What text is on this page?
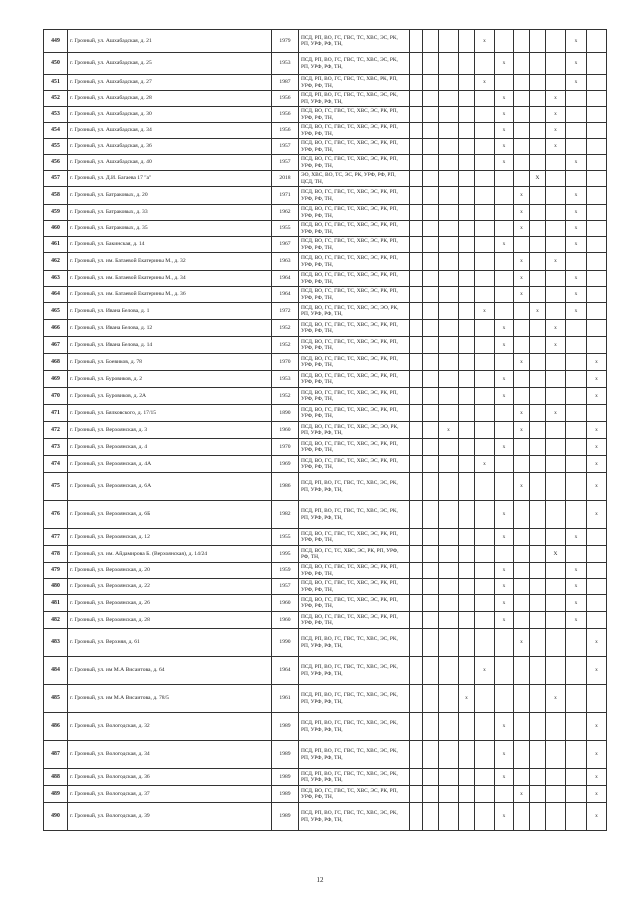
449	г. Грозный, ул. Ашхабадская, д. 21	1979	ПСД, РП, ВО, ГС, ГВС, ТС, ХВС, ЭС, РК, РП, УРФ, РФ, ТН,					x					x	
450	г. Грозный, ул. Ашхабадская, д. 25	1953	ПСД, РП, ВО, ГС, ГВС, ТС, ХВС, ЭС, РК, РП, УРФ, РФ, ТН,						x				x	
451	г. Грозный, ул. Ашхабадская, д. 27	1987	ПСД, РП, ВО, ГС, ГВС, ТС, ХВС, РК, РП, УРФ, РФ, ТН,					x					x	
452	г. Грозный, ул. Ашхабадская, д. 28	1956	ПСД, РП, ВО, ГС, ГВС, ТС, ХВС, ЭС, РК, РП, УРФ, РФ, ТН,						x			x		
453	г. Грозный, ул. Ашхабадская, д. 30	1956	ПСД, ВО, ГС, ГВС, ТС, ХВС, ЭС, РК, РП, УРФ, РФ, ТН,						x			x		
454	г. Грозный, ул. Ашхабадская, д. 34	1956	ПСД, ВО, ГС, ГВС, ТС, ХВС, ЭС, РК, РП, УРФ, РФ, ТН,						x			x		
455	г. Грозный, ул. Ашхабадская, д. 36	1957	ПСД, ВО, ГС, ГВС, ТС, ХВС, ЭС, РК, РП, УРФ, РФ, ТН,						x			x		
456	г. Грозный, ул. Ашхабадская, д. 40	1957	ПСД, ВО, ГС, ГВС, ТС, ХВС, ЭС, РК, РП, УРФ, РФ, ТН,						x				x	
457	г. Грозный, ул. Д.И. Багаева 17 "а"	2018	ЭО, ХВС, ВО, ТС, ЭС, РК, УРФ, РФ, РП, ЦСД, ТН,								X			
458	г. Грозный, ул. Батраковых, д. 20	1971	ПСД, ВО, ГС, ГВС, ТС, ХВС, ЭС, РК, РП, УРФ, РФ, ТН,							x			x	
459	г. Грозный, ул. Батраковых, д. 33	1962	ПСД, ВО, ГС, ГВС, ТС, ХВС, ЭС, РК, РП, УРФ, РФ, ТН,							x			x	
460	г. Грозный, ул. Батраковых, д. 35	1955	ПСД, ВО, ГС, ГВС, ТС, ХВС, ЭС, РК, РП, УРФ, РФ, ТН,							x			x	
461	г. Грозный, ул. Бакинская, д. 14	1967	ПСД, ВО, ГС, ГВС, ТС, ХВС, ЭС, РК, РП, УРФ, РФ, ТН,						x				x	
462	г. Грозный, ул. им. Батаевой Екатерины М., д. 32	1963	ПСД, ВО, ГС, ГВС, ТС, ХВС, ЭС, РК, РП, УРФ, РФ, ТН,							x		x		
463	г. Грозный, ул. им. Батаевой Екатерины М., д. 34	1964	ПСД, ВО, ГС, ГВС, ТС, ХВС, ЭС, РК, РП, УРФ, РФ, ТН,							x			x	
464	г. Грозный, ул. им. Батаевой Екатерины М., д. 36	1964	ПСД, ВО, ГС, ГВС, ТС, ХВС, ЭС, РК, РП, УРФ, РФ, ТН,							x			x	
465	г. Грозный, ул. Ивана Белова, д. 1	1972	ПСД, ВО, ГС, ГВС, ТС, ХВС, ЭС, ЭО, РК, РП, УРФ, РФ, ТН,					x			x		x	
466	г. Грозный, ул. Ивана Белова, д. 12	1952	ПСД, ВО, ГС, ГВС, ТС, ХВС, ЭС, РК, РП, УРФ, РФ, ТН,						x			x		
467	г. Грозный, ул. Ивана Белова, д. 14	1952	ПСД, ВО, ГС, ГВС, ТС, ХВС, ЭС, РК, РП, УРФ, РФ, ТН,						x			x		
468	г. Грозный, ул. Боевиков, д. 78	1970	ПСД, ВО, ГС, ГВС, ТС, ХВС, ЭС, РК, РП, УРФ, РФ, ТН,							x				x
469	г. Грозный, ул. Буровиков, д. 2	1953	ПСД, ВО, ГС, ГВС, ТС, ХВС, ЭС, РК, РП, УРФ, РФ, ТН,						x					x
470	г. Грозный, ул. Буровиков, д. 2А	1952	ПСД, ВО, ГС, ГВС, ТС, ХВС, ЭС, РК, РП, УРФ, РФ, ТН,						x					x
471	г. Грозный, ул. Бялковского, д. 17/15	1890	ПСД, ВО, ГС, ГВС, ТС, ХВС, ЭС, РК, РП, УРФ, РФ, ТН,							x		x		
472	г. Грозный, ул. Верхоянская, д. 3	1960	ПСД, ВО, ГС, ГВС, ТС, ХВС, ЭС, ЭО, РК, РП, УРФ, РФ, ТН,			x				x				x
473	г. Грозный, ул. Верхоянская, д. 4	1970	ПСД, ВО, ГС, ГВС, ТС, ХВС, ЭС, РК, РП, УРФ, РФ, ТН,						x					x
474	г. Грозный, ул. Верхоянская, д. 4А	1969	ПСД, ВО, ГС, ГВС, ТС, ХВС, ЭС, РК, РП, УРФ, РФ, ТН,					x						x
475	г. Грозный, ул. Верхоянская, д. 6А	1986	ПСД, РП, ВО, ГС, ГВС, ТС, ХВС, ЭС, РК, РП, УРФ, РФ, ТН,							x				x
476	г. Грозный, ул. Верхоянская, д. 6Б	1982	ПСД, РП, ВО, ГС, ГВС, ТС, ХВС, ЭС, РК, РП, УРФ, РФ, ТН,						x					x
477	г. Грозный, ул. Верхоянская, д. 12	1955	ПСД, ВО, ГС, ГВС, ТС, ХВС, ЭС, РК, РП, УРФ, РФ, ТН,						x				x	
478	г. Грозный, ул. им. Айдамирова Б. (Верхоянская), д. 14/24	1995	ПСД, ВО, ГС, ТС, ХВС, ЭС, РК, РП, УРФ, РФ, ТН,									X		
479	г. Грозный, ул. Верхоянская, д. 20	1959	ПСД, ВО, ГС, ГВС, ТС, ХВС, ЭС, РК, РП, УРФ, РФ, ТН,						x				x	
480	г. Грозный, ул. Верхоянская, д. 22	1957	ПСД, ВО, ГС, ГВС, ТС, ХВС, ЭС, РК, РП, УРФ, РФ, ТН,						x				x	
481	г. Грозный, ул. Верхоянская, д. 26	1960	ПСД, ВО, ГС, ГВС, ТС, ХВС, ЭС, РК, РП, УРФ, РФ, ТН,						x				x	
482	г. Грозный, ул. Верхоянская, д. 28	1960	ПСД, ВО, ГС, ГВС, ТС, ХВС, ЭС, РК, РП, УРФ, РФ, ТН,						x				x	
483	г. Грозный, ул. Верхняя, д. 61	1990	ПСД, РП, ВО, ГС, ГВС, ТС, ХВС, ЭС, РК, РП, УРФ, РФ, ТН,							x				x
484	г. Грозный, ул. им М.А Висаитова, д. 64	1964	ПСД, РП, ВО, ГС, ГВС, ТС, ХВС, ЭС, РК, РП, УРФ, РФ, ТН,					x						x
485	г. Грозный, ул. им М.А Висаитова, д. 78/5	1961	ПСД, РП, ВО, ГС, ГВС, ТС, ХВС, ЭС, РК, РП, УРФ, РФ, ТН,				x					x		
486	г. Грозный, ул. Вологодская, д. 32	1989	ПСД, РП, ВО, ГС, ГВС, ТС, ХВС, ЭС, РК, РП, УРФ, РФ, ТН,						x					x
487	г. Грозный, ул. Вологодская, д. 34	1989	ПСД, РП, ВО, ГС, ГВС, ТС, ХВС, ЭС, РК, РП, УРФ, РФ, ТН,						x					x
488	г. Грозный, ул. Вологодская, д. 36	1989	ПСД, РП, ВО, ГС, ГВС, ТС, ХВС, ЭС, РК, РП, УРФ, РФ, ТН,						x					x
489	г. Грозный, ул. Вологодская, д. 37	1989	ПСД, ВО, ГС, ГВС, ТС, ХВС, ЭС, РК, РП, УРФ, РФ, ТН,							x				x
490	г. Грозный, ул. Вологодская, д. 39	1989	ПСД, РП, ВО, ГС, ГВС, ТС, ХВС, ЭС, РК, РП, УРФ, РФ, ТН,						x					x
12
